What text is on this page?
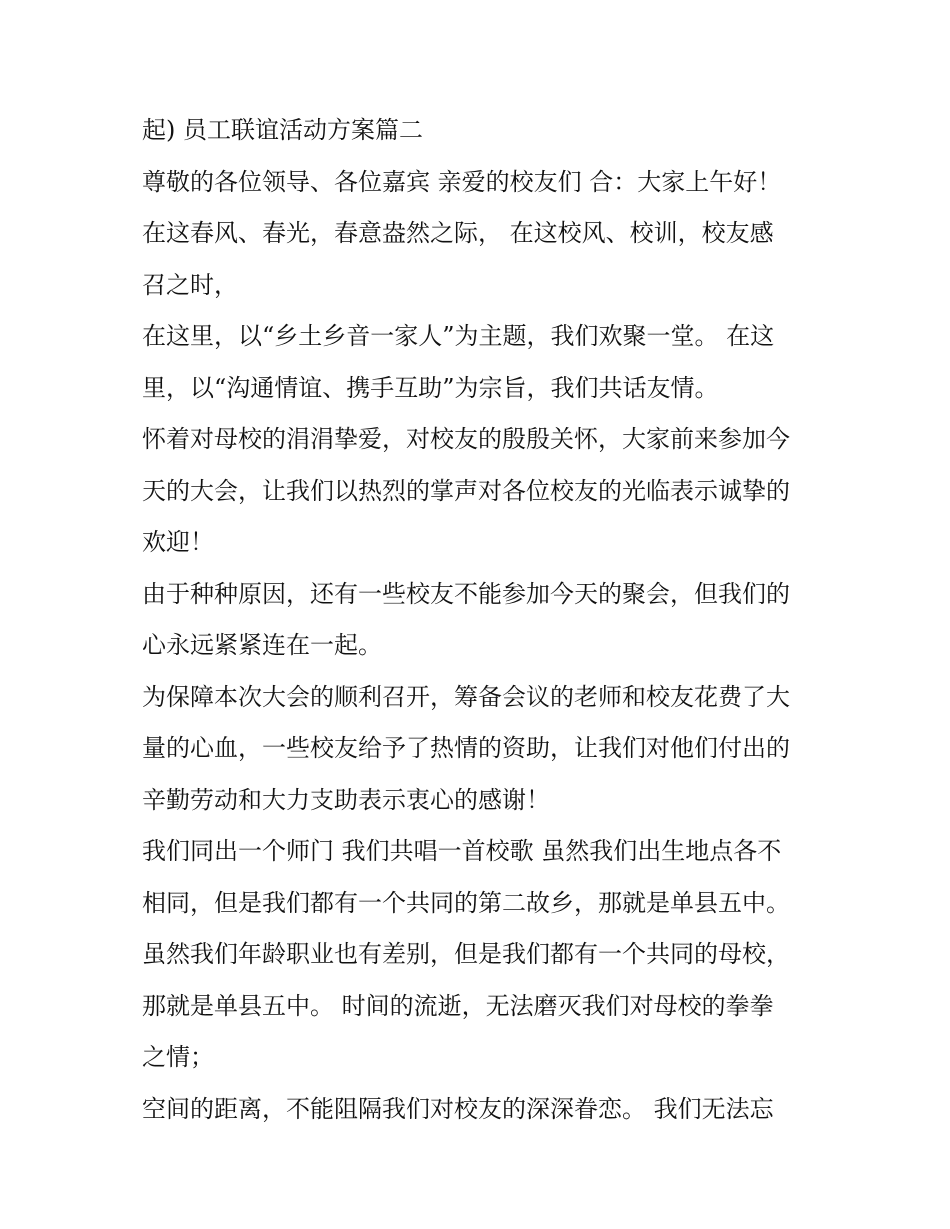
起) 员工联谊活动方案篇二
尊敬的各位领导、各位嘉宾 亲爱的校友们 合：大家上午好！
在这春风、春光，春意盎然之际， 在这校风、校训，校友感
召之时，
在这里，以“乡土乡音一家人”为主题，我们欢聚一堂。 在这
里，以“沟通情谊、携手互助”为宗旨，我们共话友情。
怀着对母校的涓涓挚爱，对校友的殷殷关怀，大家前来参加今
天的大会，让我们以热烈的掌声对各位校友的光临表示诚挚的
欢迎！
由于种种原因，还有一些校友不能参加今天的聚会，但我们的
心永远紧紧连在一起。
为保障本次大会的顺利召开，筹备会议的老师和校友花费了大
量的心血，一些校友给予了热情的资助，让我们对他们付出的
辛勤劳动和大力支助表示衷心的感谢！
我们同出一个师门 我们共唱一首校歌 虽然我们出生地点各不
相同，但是我们都有一个共同的第二故乡，那就是单县五中。
虽然我们年龄职业也有差别，但是我们都有一个共同的母校，
那就是单县五中。 时间的流逝，无法磨灭我们对母校的拳拳
之情；
空间的距离，不能阻隔我们对校友的深深眷恋。 我们无法忘
